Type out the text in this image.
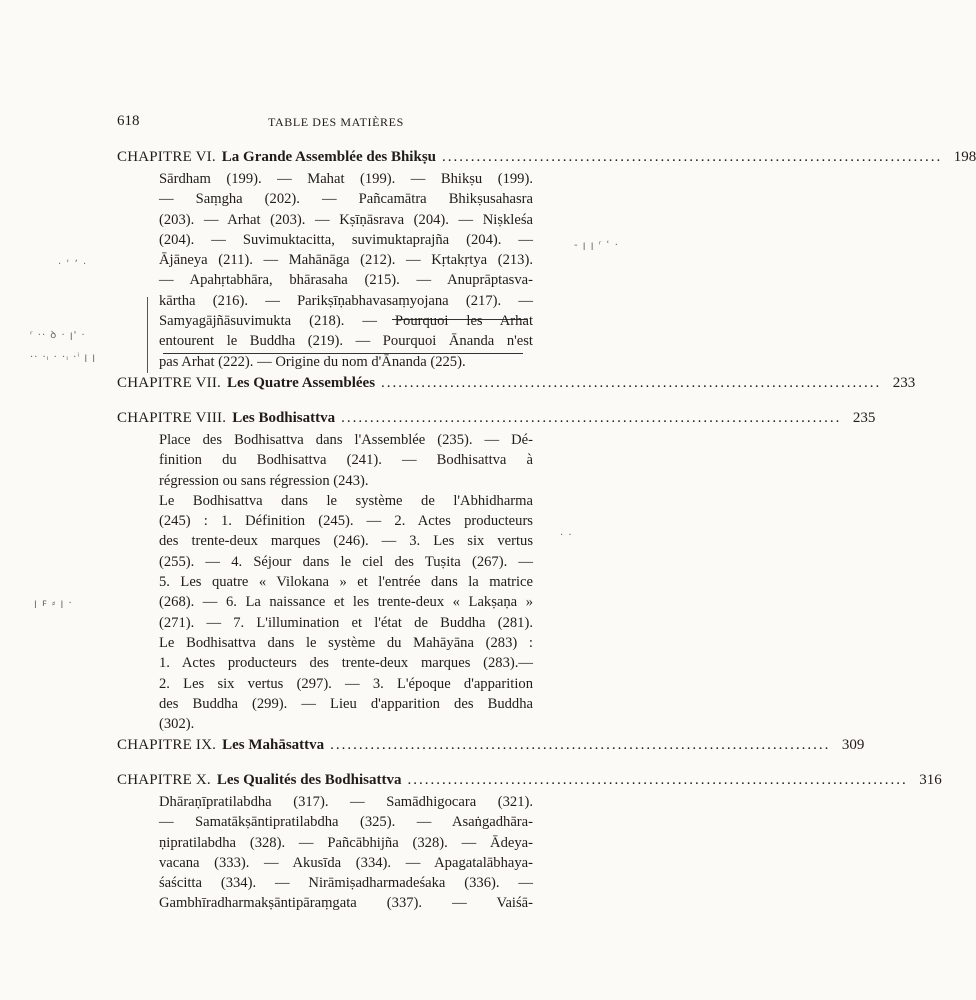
618	TABLE DES MATIÈRES
- ꞁ ꞁ ʳ ʿ ·
· ʾ ʼ ·
ʳ ·· ꝺ · ꞁ' ·
·· ·ᵢ · ·ᵢ ·ⁱ ꞁ ꞁ
· ·
ꞁ ꜰ ⸗ ꞁ ·
CHAPITRE VI. La Grande Assemblée des Bhikṣu ....................................................................................... 198
Sārdham (199). — Mahat (199). — Bhikṣu (199).
— Saṃgha (202). — Pañcamātra Bhikṣusahasra
(203). — Arhat (203). — Kṣīṇāsrava (204). — Niṣkleśa
(204). — Suvimuktacitta, suvimuktaprajña (204). —
Ājāneya (211). — Mahānāga (212). — Kṛtakṛtya (213).
— Apahṛtabhāra, bhārasaha (215). — Anuprāptasva-
kārtha (216). — Parikṣīṇabhavasaṃyojana (217). —
Samyagājñāsuvimukta (218). — Pourquoi les Arhat
entourent le Buddha (219). — Pourquoi Ānanda n'est
pas Arhat (222). — Origine du nom d'Ānanda (225).
CHAPITRE VII. Les Quatre Assemblées ....................................................................................... 233
CHAPITRE VIII. Les Bodhisattva ....................................................................................... 235
Place des Bodhisattva dans l'Assemblée (235). — Dé-
finition du Bodhisattva (241). — Bodhisattva à
régression ou sans régression (243).
Le Bodhisattva dans le système de l'Abhidharma
(245) : 1. Définition (245). — 2. Actes producteurs
des trente-deux marques (246). — 3. Les six vertus
(255). — 4. Séjour dans le ciel des Tuṣita (267). —
5. Les quatre « Vilokana » et l'entrée dans la matrice
(268). — 6. La naissance et les trente-deux « Lakṣaṇa »
(271). — 7. L'illumination et l'état de Buddha (281).
Le Bodhisattva dans le système du Mahāyāna (283) :
1. Actes producteurs des trente-deux marques (283).—
2. Les six vertus (297). — 3. L'époque d'apparition
des Buddha (299). — Lieu d'apparition des Buddha
(302).
CHAPITRE IX. Les Mahāsattva ....................................................................................... 309
CHAPITRE X. Les Qualités des Bodhisattva ....................................................................................... 316
Dhāraṇīpratilabdha (317). — Samādhigocara (321).
— Samatākṣāntipratilabdha (325). — Asaṅgadhāra-
ṇipratilabdha (328). — Pañcābhijña (328). — Ādeya-
vacana (333). — Akusīda (334). — Apagatalābhaya-
śaścitta (334). — Nirāmiṣadharmadeśaka (336). —
Gambhīradharmakṣāntipāraṃgata (337). — Vaiśā-
